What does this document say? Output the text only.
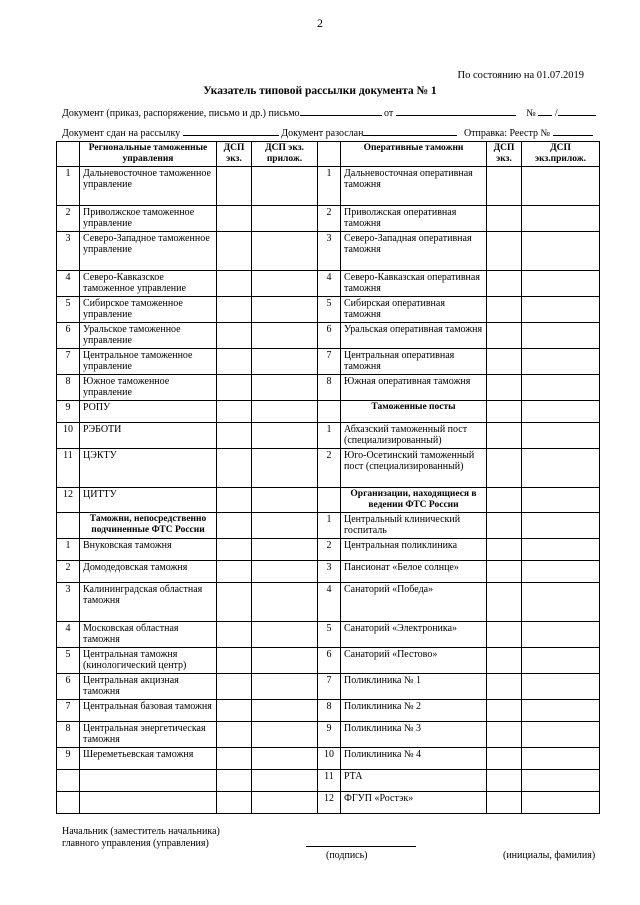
2
По состоянию на 01.07.2019
Указатель типовой рассылки документа № 1
Документ (приказ, распоряжение, письмо и др.) письмо	от	№ /
Документ сдан на рассылку	Документ разослан	Отправка: Реестр №
	Региональные таможенные управления	ДСП экз.	ДСП экз. прилож.		Оперативные таможни	ДСП экз.	ДСП экз.прилож.
1	Дальневосточное таможенное управление			1	Дальневосточная оперативная таможня		
2	Приволжское таможенное управление			2	Приволжская оперативная таможня		
3	Северо-Западное таможенное управление			3	Северо-Западная оперативная таможня		
4	Северо-Кавказское таможенное управление			4	Северо-Кавказская оперативная таможня		
5	Сибирское таможенное управление			5	Сибирская оперативная таможня		
6	Уральское таможенное управление			6	Уральская оперативная таможня		
7	Центральное таможенное управление			7	Центральная оперативная таможня		
8	Южное таможенное управление			8	Южная оперативная таможня		
9	РОПУ				Таможенные посты		
10	РЭБОТИ			1	Абхазский таможенный пост (специализированный)		
11	ЦЭКТУ			2	Юго-Осетинский таможенный пост (специализированный)		
12	ЦИТТУ				Организации, находящиеся в ведении ФТС России		
	Таможни, непосредственно подчиненные ФТС России			1	Центральный клинический госпиталь		
1	Внуковская таможня			2	Центральная поликлиника		
2	Домодедовская таможня			3	Пансионат «Белое солнце»		
3	Калининградская областная таможня			4	Санаторий «Победа»		
4	Московская областная таможня			5	Санаторий «Электроника»		
5	Центральная таможня (кинологический центр)			6	Санаторий «Пестово»		
6	Центральная акцизная таможня			7	Поликлиника № 1		
7	Центральная базовая таможня			8	Поликлиника № 2		
8	Центральная энергетическая таможня			9	Поликлиника № 3		
9	Шереметьевская таможня			10	Поликлиника № 4		
				11	РТА		
				12	ФГУП «Ростэк»		
Начальник (заместитель начальника)
главного управления (управления)
(подпись)	(инициалы, фамилия)
